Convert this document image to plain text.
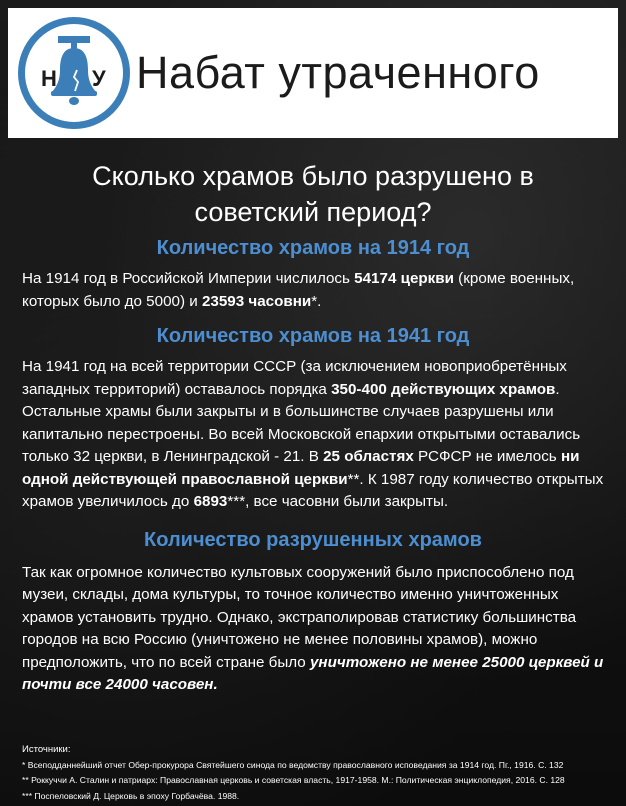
Н У Набат утраченного
Сколько храмов было разрушено в
советский период?
Количество храмов на 1914 год

На 1914 год в Российской Империи числилось 54174 церкви (кроме военных, которых было до 5000) и 23593 часовни*.

Количество храмов на 1941 год

На 1941 год на всей территории СССР (за исключением новоприобретённых западных территорий) оставалось порядка 350-400 действующих храмов. Остальные храмы были закрыты и в большинстве случаев разрушены или капитально перестроены. Во всей Московской епархии открытыми оставались только 32 церкви, в Ленинградской - 21. В 25 областях РСФСР не имелось ни одной действующей православной церкви**. К 1987 году количество открытых храмов увеличилось до 6893***, все часовни были закрыты.

Количество разрушенных храмов

Так как огромное количество культовых сооружений было приспособлено под музеи, склады, дома культуры, то точное количество именно уничтоженных храмов установить трудно. Однако, экстраполировав статистику большинства городов на всю Россию (уничтожено не менее половины храмов), можно предположить, что по всей стране было уничтожено не менее 25000 церквей и почти все 24000 часовен.

Источники:
* Всеподданнейший отчет Обер-прокурора Святейшего синода по ведомству православного исповедания за 1914 год. Пг., 1916. С. 132
** Роккуччи А. Сталин и патриарх: Православная церковь и советская власть, 1917-1958. М.: Политическая энциклопедия, 2016. С. 128
*** Поспеловский Д. Церковь в эпоху Горбачёва. 1988.
